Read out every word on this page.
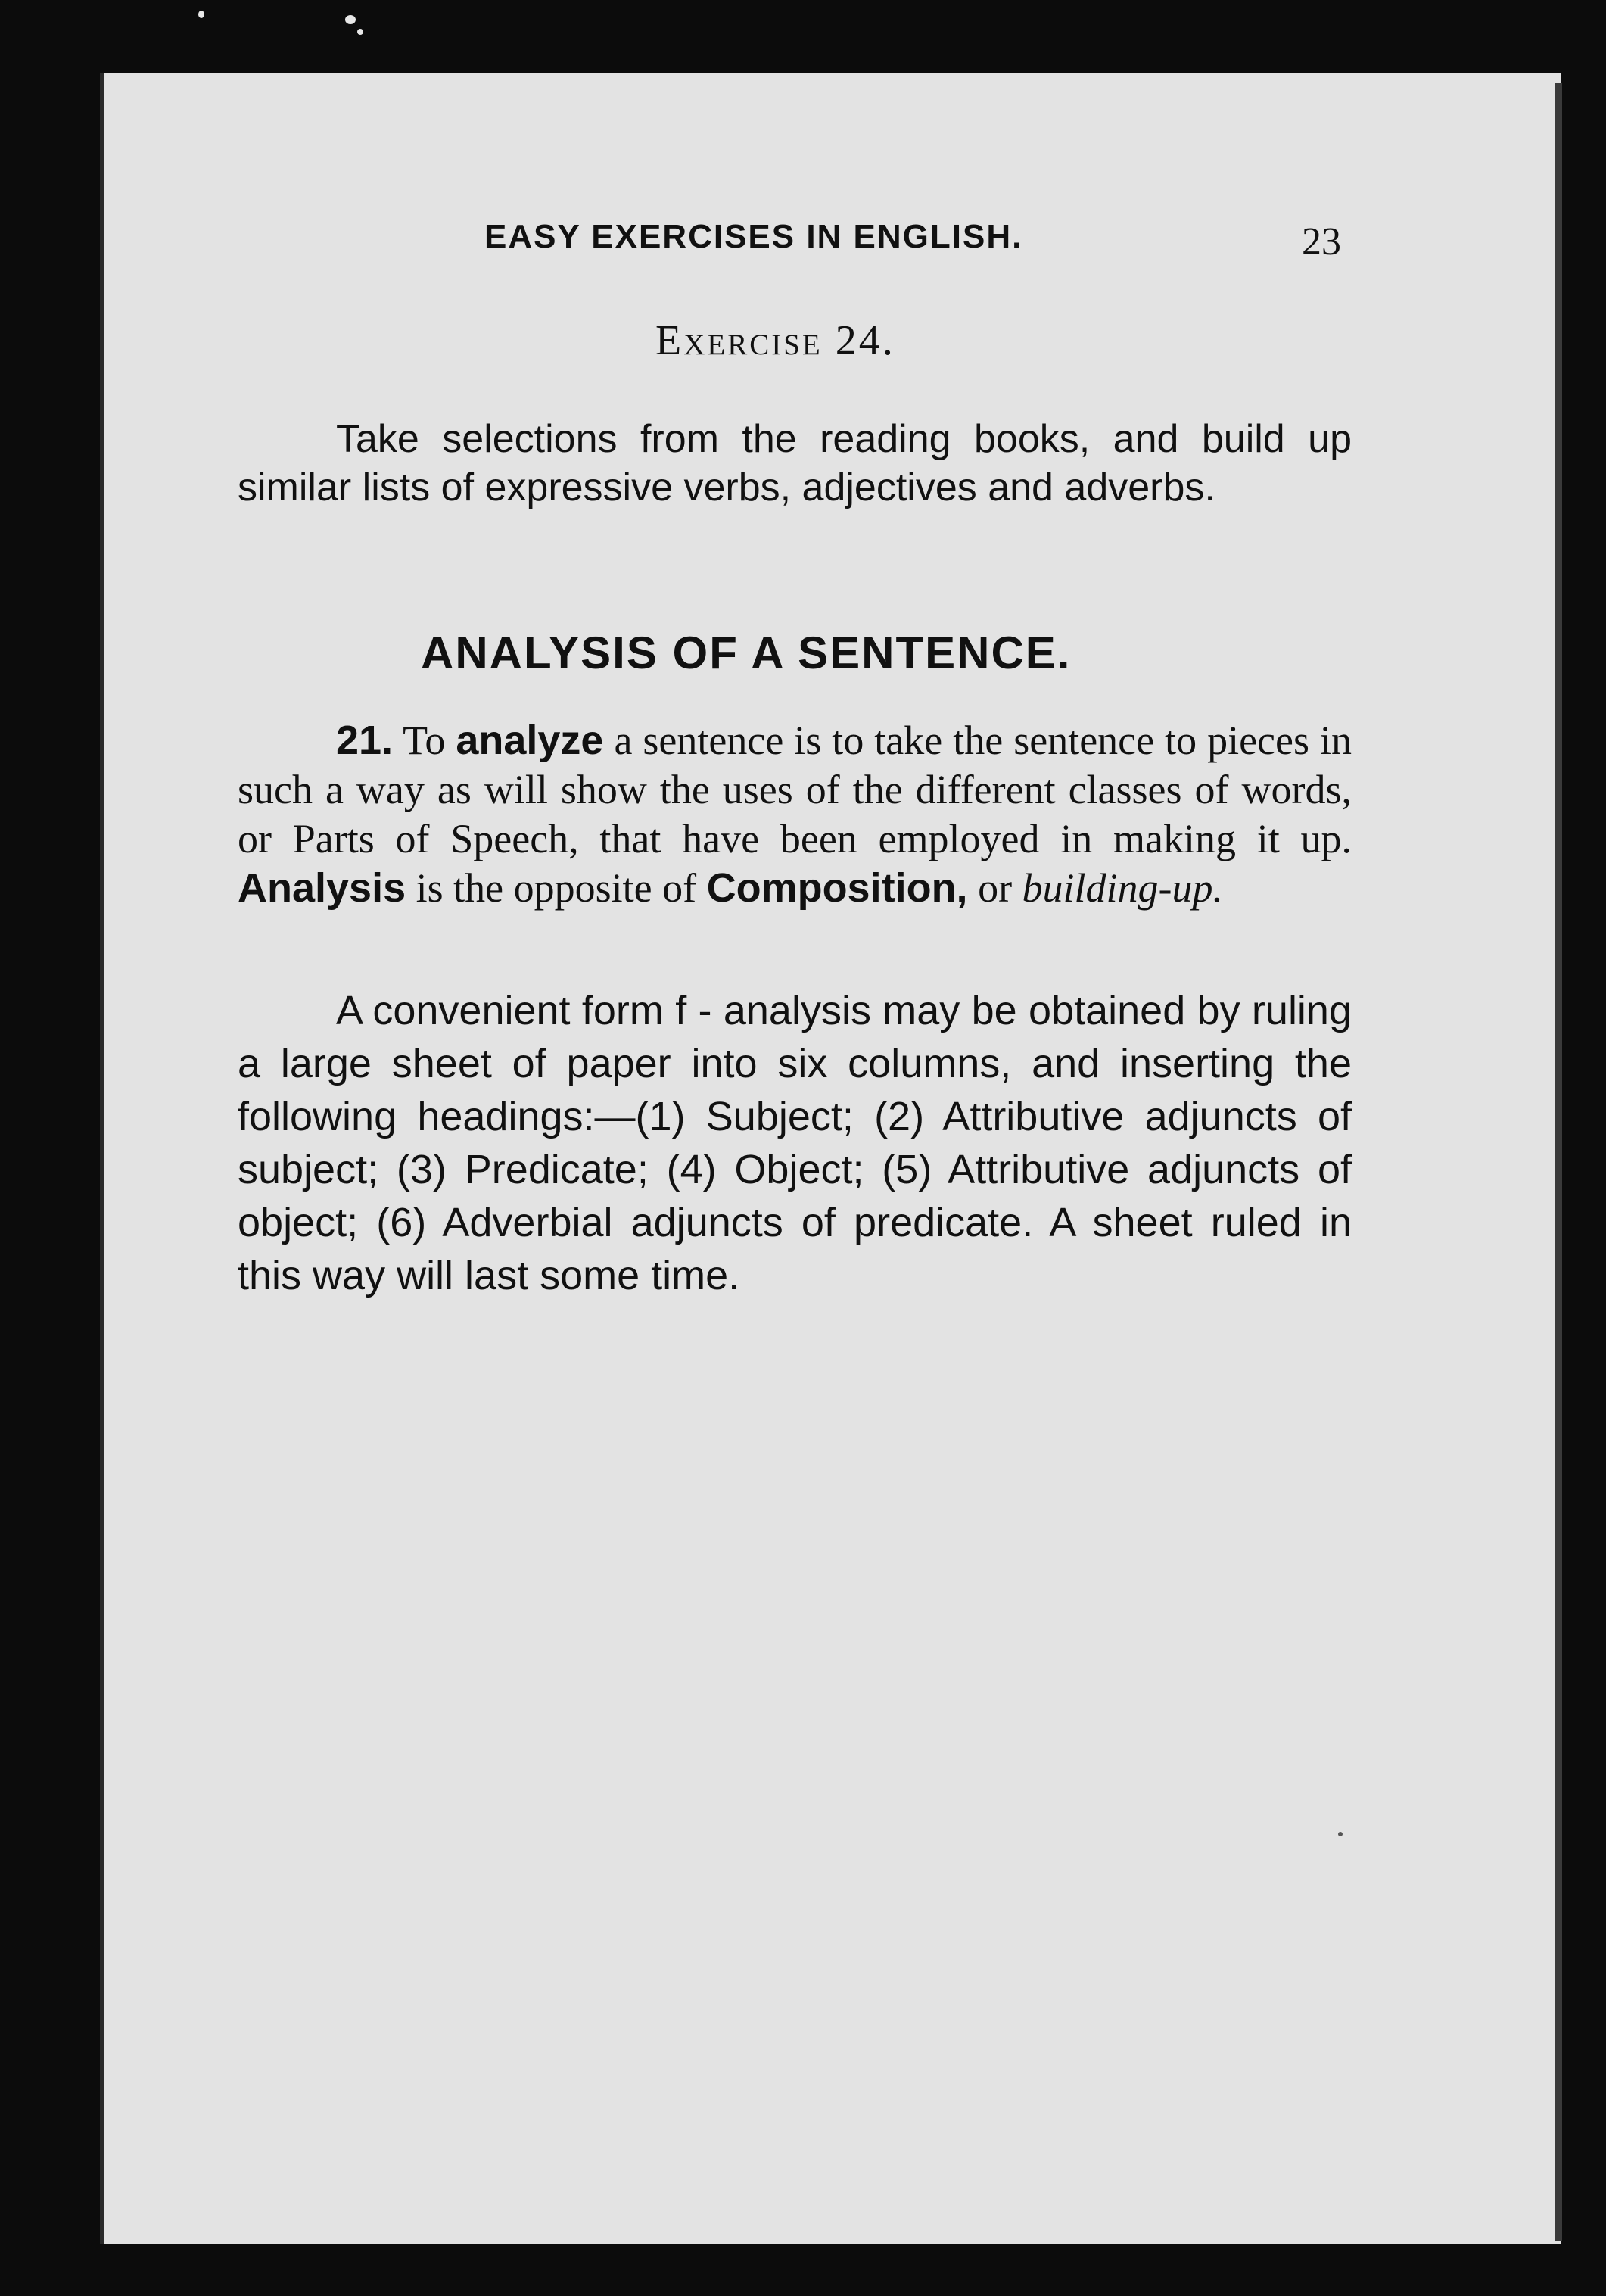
EASY EXERCISES IN ENGLISH.	23
Exercise 24.
Take selections from the reading books, and build up similar lists of expressive verbs, adjectives and adverbs.
ANALYSIS OF A SENTENCE.
21. To analyze a sentence is to take the sentence to pieces in such a way as will show the uses of the different classes of words, or Parts of Speech, that have been employed in making it up. Analysis is the opposite of Composition, or building-up.
A convenient form f ‑ analysis may be obtained by ruling a large sheet of paper into six columns, and inserting the following headings:—(1) Subject; (2) Attributive adjuncts of subject; (3) Predicate; (4) Object; (5) Attributive adjuncts of object; (6) Adverbial adjuncts of predicate. A sheet ruled in this way will last some time.
